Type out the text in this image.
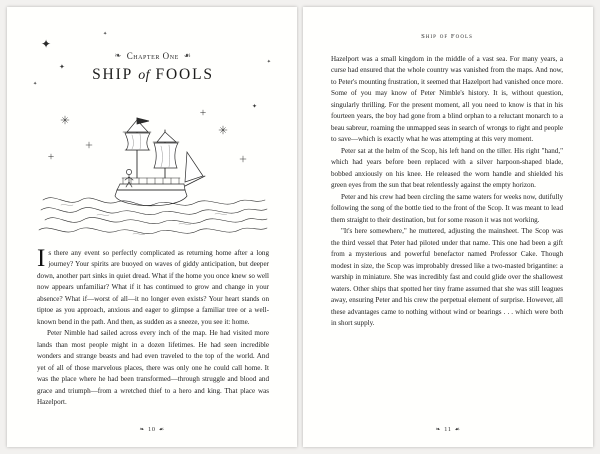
✦
✦
✦
✦
✦
✦
❧ Chapter One ☙
SHIP of FOOLS

Is there any event so perfectly complicated as returning home after a long journey? Your spirits are buoyed on waves of giddy anticipation, but deeper down, another part sinks in quiet dread. What if the home you once knew so well now appears unfamiliar? What if it has continued to grow and change in your absence? What if—worst of all—it no longer even exists? Your heart stands on tiptoe as you approach, anxious and eager to glimpse a familiar tree or a well-known bend in the path. And then, as sudden as a sneeze, you see it: home.

Peter Nimble had sailed across every inch of the map. He had visited more lands than most people might in a dozen lifetimes. He had seen incredible wonders and strange beasts and had even traveled to the top of the world. And yet of all of those marvelous places, there was only one he could call home. It was the place where he had been transformed—through struggle and blood and grace and triumph—from a wretched thief to a hero and king. That place was Hazelport.

❧ 10 ☙
Ship of Fools

Hazelport was a small kingdom in the middle of a vast sea. For many years, a curse had ensured that the whole country was vanished from the maps. And now, to Peter's mounting frustration, it seemed that Hazelport had vanished once more. Some of you may know of Peter Nimble's history. It is, without question, singularly thrilling. For the present moment, all you need to know is that in his fourteen years, the boy had gone from a blind orphan to a reluctant monarch to a beau sabreur, roaming the unmapped seas in search of wrongs to right and people to save—which is exactly what he was attempting at this very moment.

Peter sat at the helm of the Scop, his left hand on the tiller. His right "hand," which had years before been replaced with a silver harpoon-shaped blade, bobbed anxiously on his knee. He released the worn handle and shielded his green eyes from the sun that beat relentlessly against the empty horizon.

Peter and his crew had been circling the same waters for weeks now, dutifully following the song of the bottle tied to the front of the Scop. It was meant to lead them straight to their destination, but for some reason it was not working.

"It's here somewhere," he muttered, adjusting the mainsheet. The Scop was the third vessel that Peter had piloted under that name. This one had been a gift from a mysterious and powerful benefactor named Professor Cake. Though modest in size, the Scop was improbably dressed like a two-masted brigantine: a warship in miniature. She was incredibly fast and could glide over the shallowest waters. Other ships that spotted her tiny frame assumed that she was still leagues away, ensuring Peter and his crew the perpetual element of surprise. However, all these advantages came to nothing without wind or bearings . . . which were both in short supply.

❧ 11 ☙
